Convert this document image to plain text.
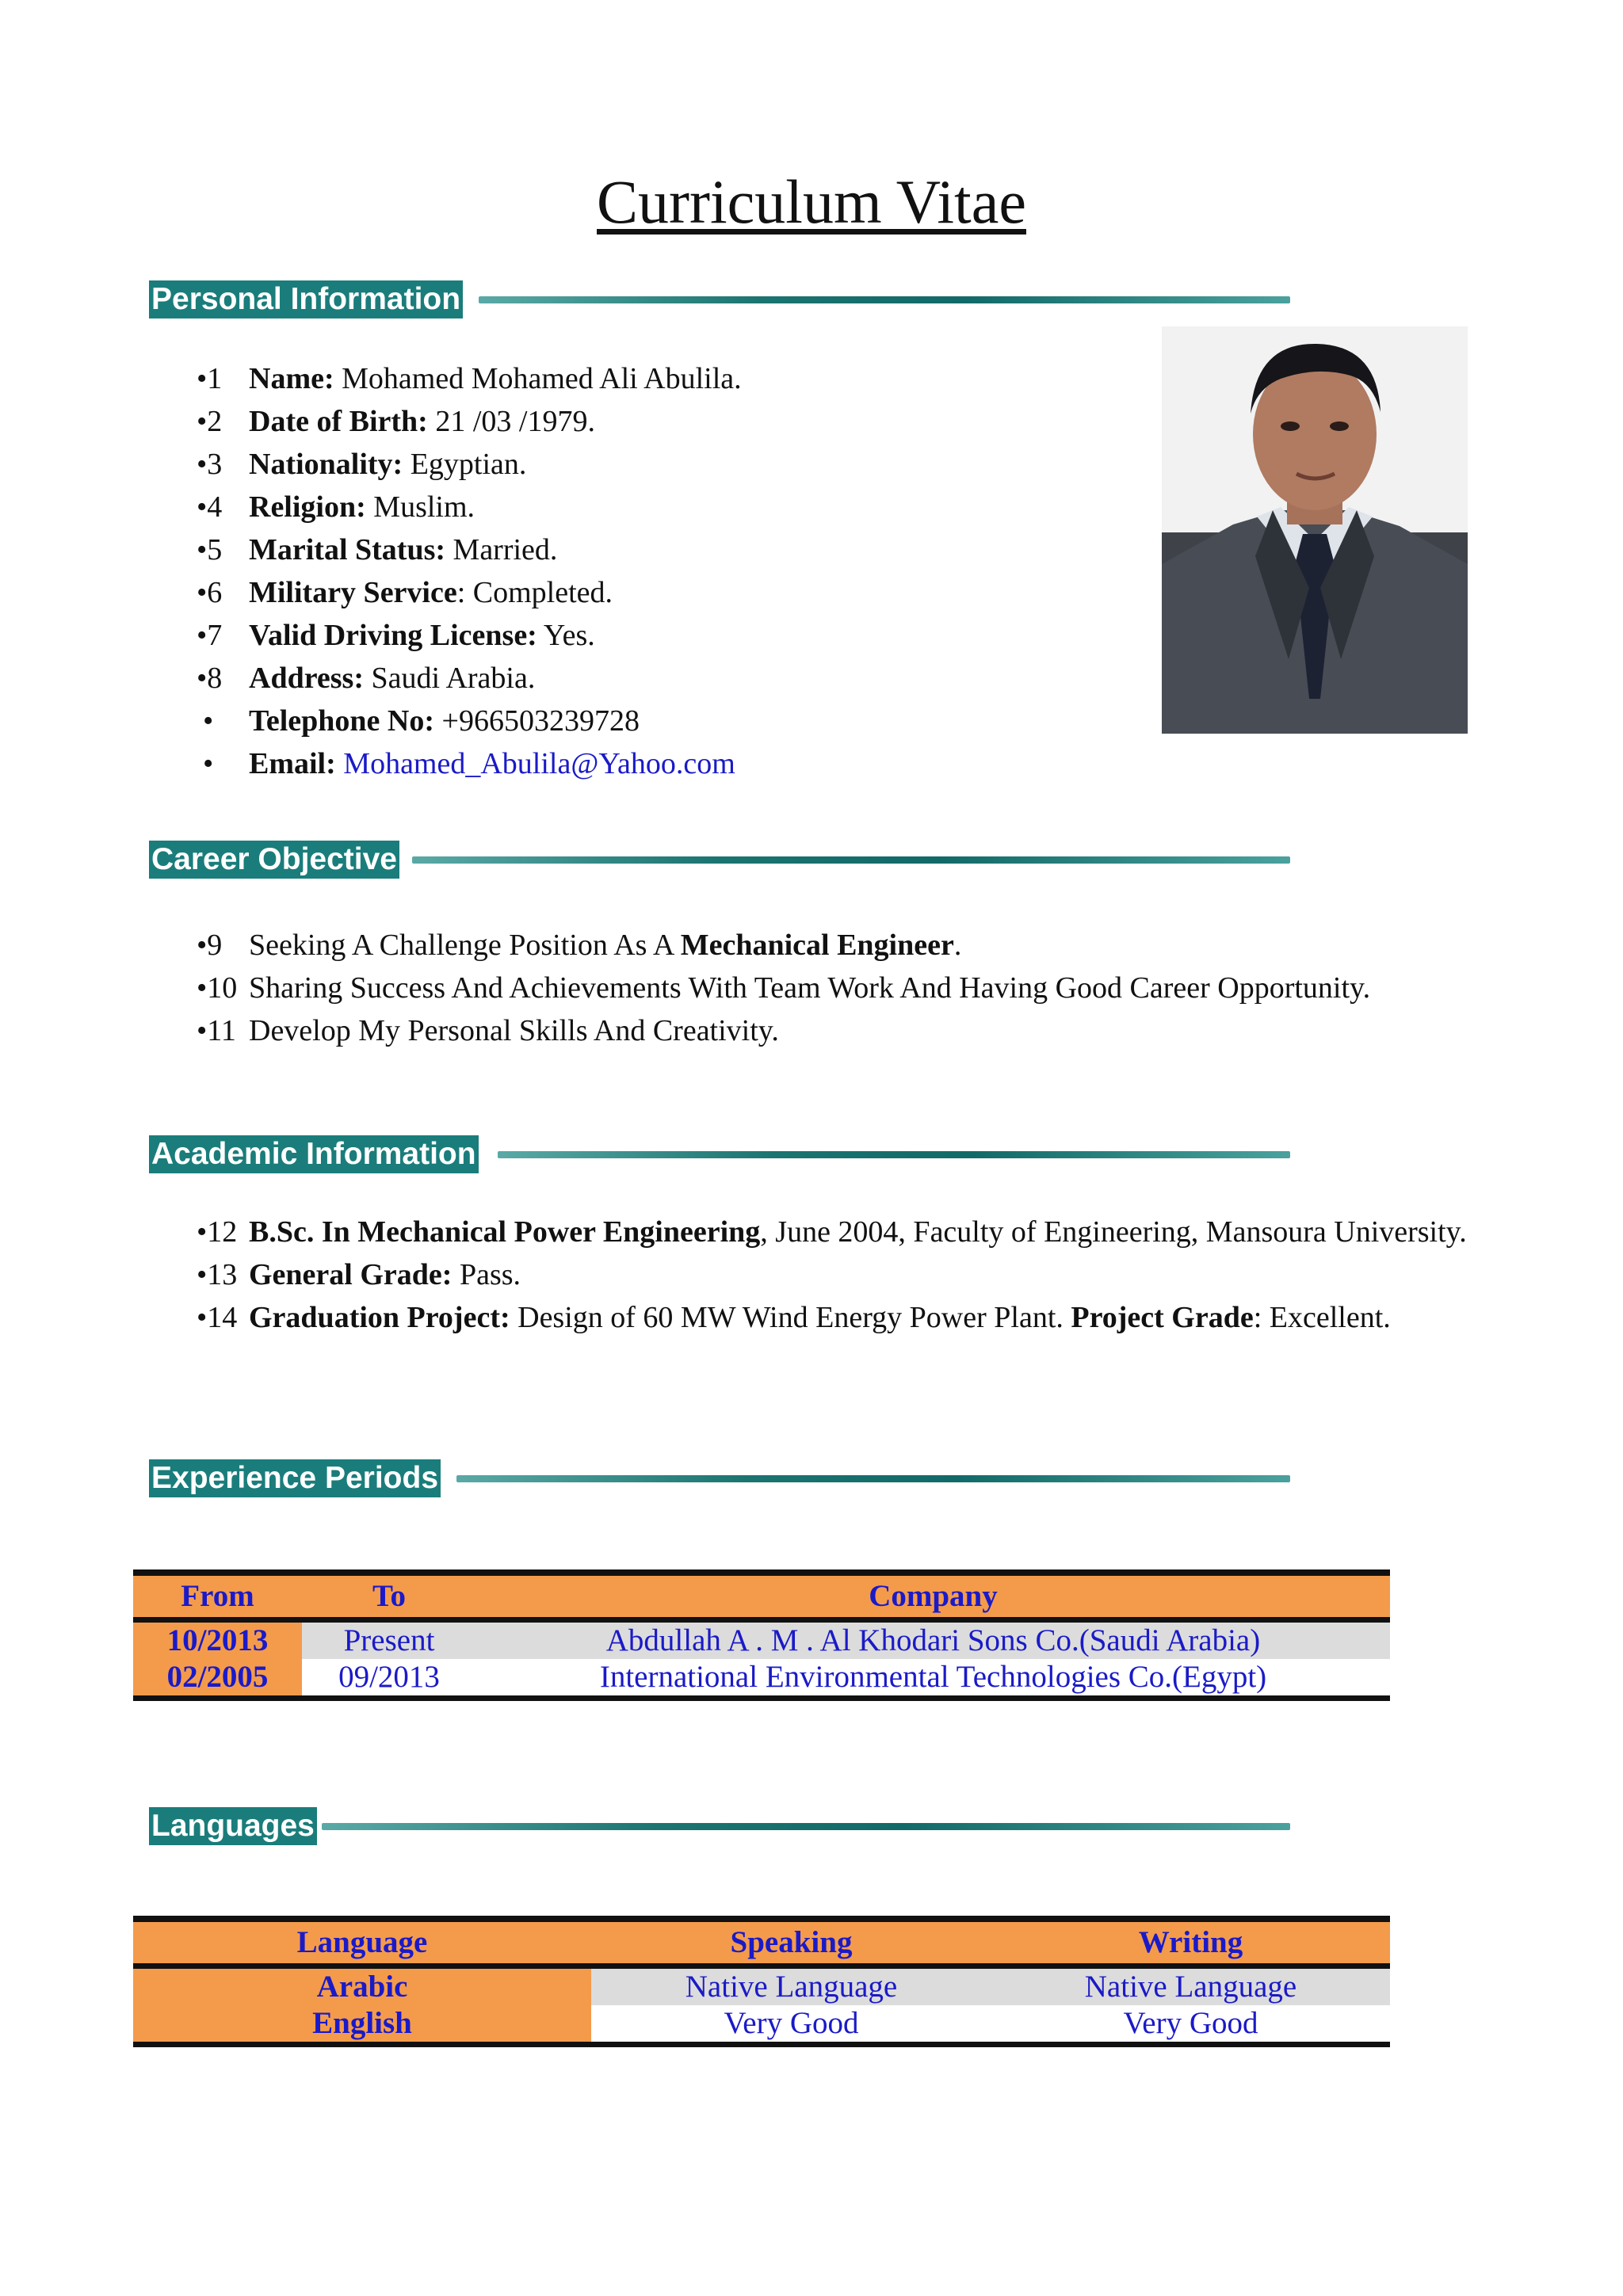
Curriculum Vitae
Personal Information
•1 Name: Mohamed Mohamed Ali Abulila.
•2 Date of Birth: 21 /03 /1979.
•3 Nationality: Egyptian.
•4 Religion: Muslim.
•5 Marital Status: Married.
•6 Military Service: Completed.
•7 Valid Driving License: Yes.
•8 Address: Saudi Arabia.
• Telephone No: +966503239728
• Email: Mohamed_Abulila@Yahoo.com
Career Objective
•9 Seeking A Challenge Position As A Mechanical Engineer.
•10 Sharing Success And Achievements With Team Work And Having Good Career Opportunity.
•11 Develop My Personal Skills And Creativity.
Academic Information
•12 B.Sc. In Mechanical Power Engineering, June 2004, Faculty of Engineering, Mansoura University.
•13 General Grade: Pass.
•14 Graduation Project: Design of 60 MW Wind Energy Power Plant. Project Grade: Excellent.
Experience Periods
From	To	Company
10/2013	Present	Abdullah A . M . Al Khodari Sons Co.(Saudi Arabia)
02/2005	09/2013	International Environmental Technologies Co.(Egypt)
Languages
Language	Speaking	Writing
Arabic	Native Language	Native Language
English	Very Good	Very Good
